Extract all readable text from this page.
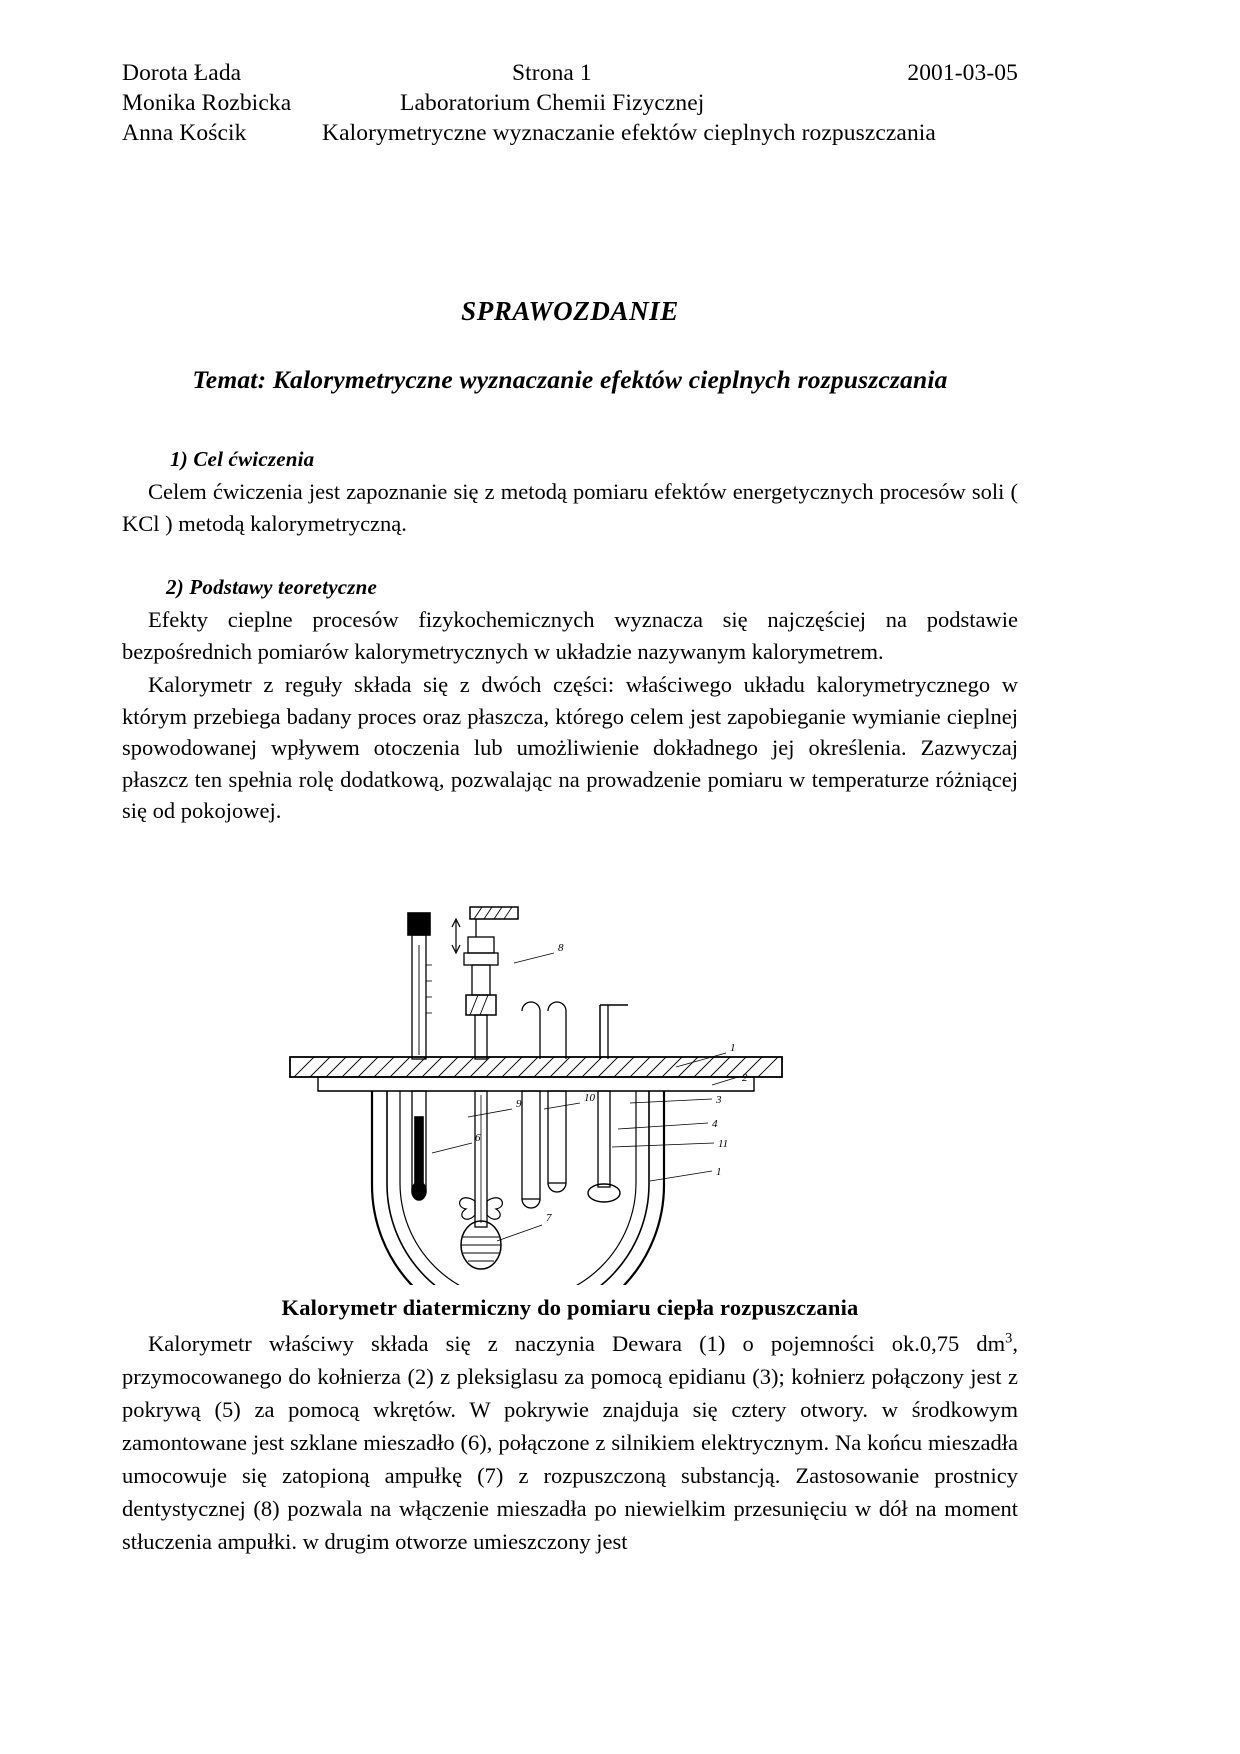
Dorota Łada	Strona 1	2001-03-05
Monika Rozbicka	Laboratorium Chemii Fizycznej
Anna Kościk	Kalorymetryczne wyznaczanie efektów cieplnych rozpuszczania
SPRAWOZDANIE
Temat: Kalorymetryczne wyznaczanie efektów cieplnych rozpuszczania
1) Cel ćwiczenia

Celem ćwiczenia jest zapoznanie się z metodą pomiaru efektów energetycznych procesów soli ( KCl ) metodą kalorymetryczną.

2) Podstawy teoretyczne

Efekty cieplne procesów fizykochemicznych wyznacza się najczęściej na podstawie bezpośrednich pomiarów kalorymetrycznych w układzie nazywanym kalorymetrem.

Kalorymetr z reguły składa się z dwóch części: właściwego układu kalorymetrycznego w którym przebiega badany proces oraz płaszcza, którego celem jest zapobieganie wymianie cieplnej spowodowanej wpływem otoczenia lub umożliwienie dokładnego jej określenia. Zazwyczaj płaszcz ten spełnia rolę dodatkową, pozwalając na prowadzenie pomiaru w temperaturze różniącej się od pokojowej.

1
2
3
4
11
1
7
8
9
6
10
Kalorymetr diatermiczny do pomiaru ciepła rozpuszczania

Kalorymetr właściwy składa się z naczynia Dewara (1) o pojemności ok.0,75 $dm^3$, przymocowanego do kołnierza (2) z pleksiglasu za pomocą epidianu (3); kołnierz połączony jest z pokrywą (5) za pomocą wkrętów. W pokrywie znajduja się cztery otwory. w środkowym zamontowane jest szklane mieszadło (6), połączone z silnikiem elektrycznym. Na końcu mieszadła umocowuje się zatopioną ampułkę (7) z rozpuszczoną substancją. Zastosowanie prostnicy dentystycznej (8) pozwala na włączenie mieszadła po niewielkim przesunięciu w dół na moment stłuczenia ampułki. w drugim otworze umieszczony jest
